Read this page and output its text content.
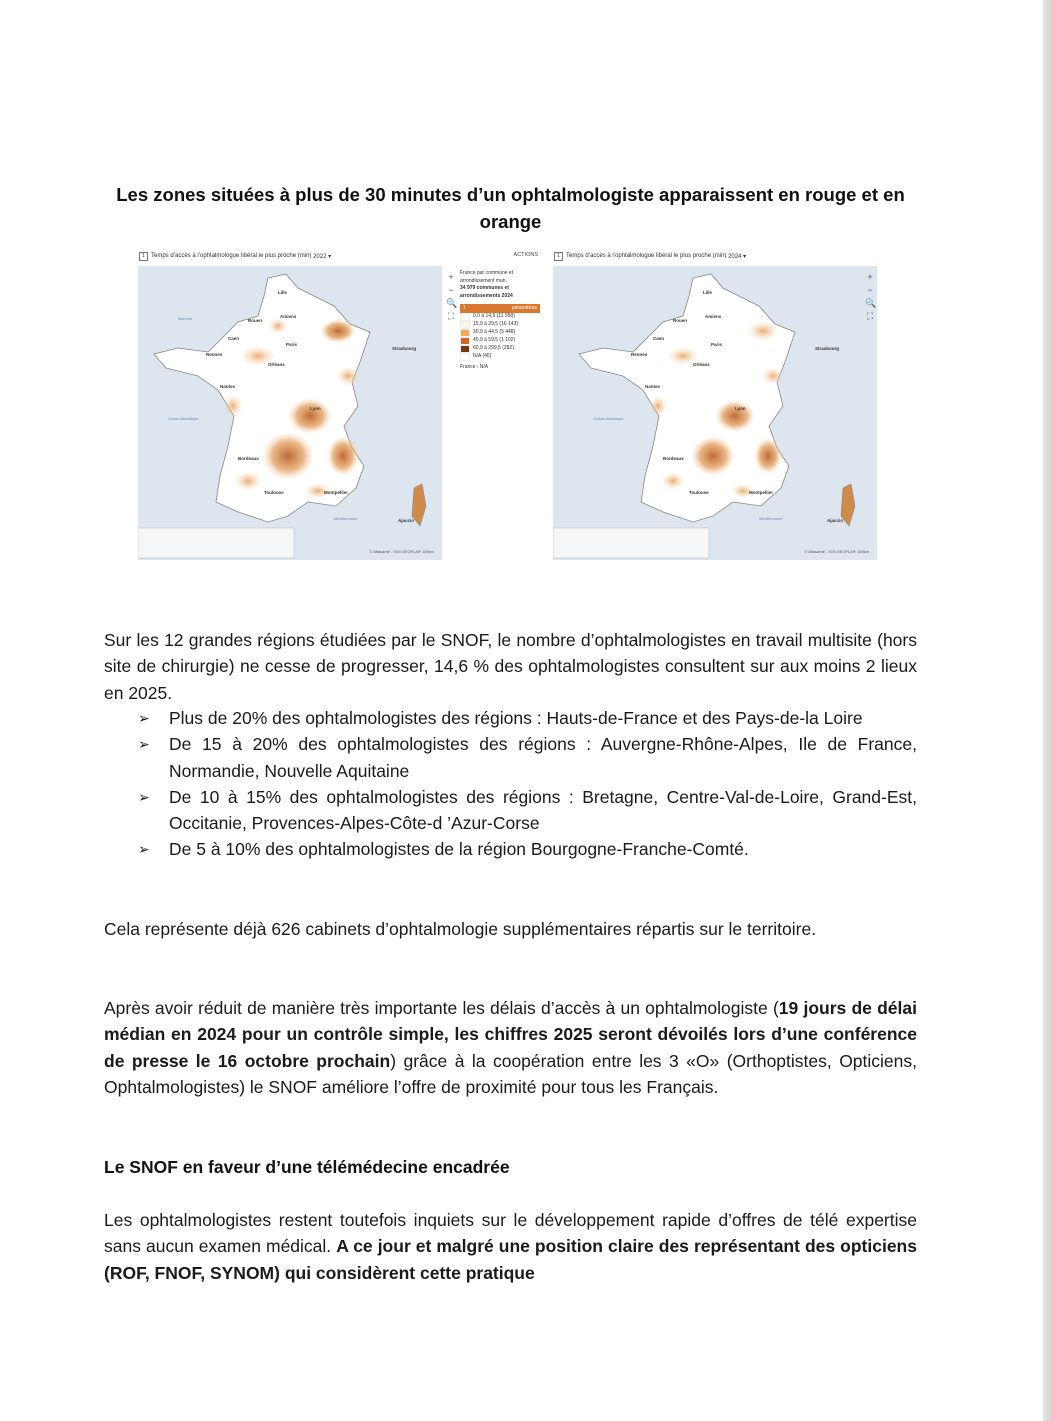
Les zones situées à plus de 30 minutes d’un ophtalmologiste apparaissent en rouge et en orange
1	Temps d’accès à l’ophtalmologue libéral le plus proche (min)
2022 ▾	ACTIONS
Lille
Amiens
Rouen
Caen
Paris
Strasbourg
Rennes
Orléans
Nantes
Lyon
Bordeaux
Toulouse	Montpellier
Ajaccio
Manche
Océan Atlantique
Méditerranée
© Atlasanté - IGN GEOFLA® 100km
+
−
🔍
⛶
France par commune et arrondissement mun.
34 979 communes et arrondissements 2024
1	paramètres
0,0 à 14,5 (11 958)
15,0 à 29,5 (16 143)
30,0 à 44,5 (5 448)
45,0 à 59,5 (1 102)
60,0 à 299,5 (282)
N/A (46)
France : N/A
1	Temps d’accès à l’ophtalmologue libéral le plus proche (min)
2024 ▾
Lille
Amiens
Rouen
Caen
Paris
Strasbourg
Rennes
Orléans
Nantes
Lyon
Bordeaux
Toulouse	Montpellier
Ajaccio
Océan Atlantique
Méditerranée
© Atlasanté - IGN GEOFLA® 100km
+
−
🔍
⛶

Sur les 12 grandes régions étudiées par le SNOF, le nombre d’ophtalmologistes en travail multisite (hors site de chirurgie) ne cesse de progresser, 14,6 % des ophtalmologistes consultent sur aux moins 2 lieux en 2025.

➢ Plus de 20% des ophtalmologistes des régions : Hauts-de-France et des Pays-de-la Loire

➢ De 15 à 20% des ophtalmologistes des régions : Auvergne-Rhône-Alpes, Ile de France, Normandie, Nouvelle Aquitaine

➢ De 10 à 15% des ophtalmologistes des régions : Bretagne, Centre-Val-de-Loire, Grand-Est, Occitanie, Provences-Alpes-Côte-d ’Azur-Corse

➢ De 5 à 10% des ophtalmologistes de la région Bourgogne-Franche-Comté.

Cela représente déjà 626 cabinets d’ophtalmologie supplémentaires répartis sur le territoire.

Après avoir réduit de manière très importante les délais d’accès à un ophtalmologiste (19 jours de délai médian en 2024 pour un contrôle simple, les chiffres 2025 seront dévoilés lors d’une conférence de presse le 16 octobre prochain) grâce à la coopération entre les 3 «O» (Orthoptistes, Opticiens, Ophtalmologistes) le SNOF améliore l’offre de proximité pour tous les Français.

Le SNOF en faveur d’une télémédecine encadrée

Les ophtalmologistes restent toutefois inquiets sur le développement rapide d’offres de télé expertise sans aucun examen médical. A ce jour et malgré une position claire des représentant des opticiens (ROF, FNOF, SYNOM) qui considèrent cette pratique
